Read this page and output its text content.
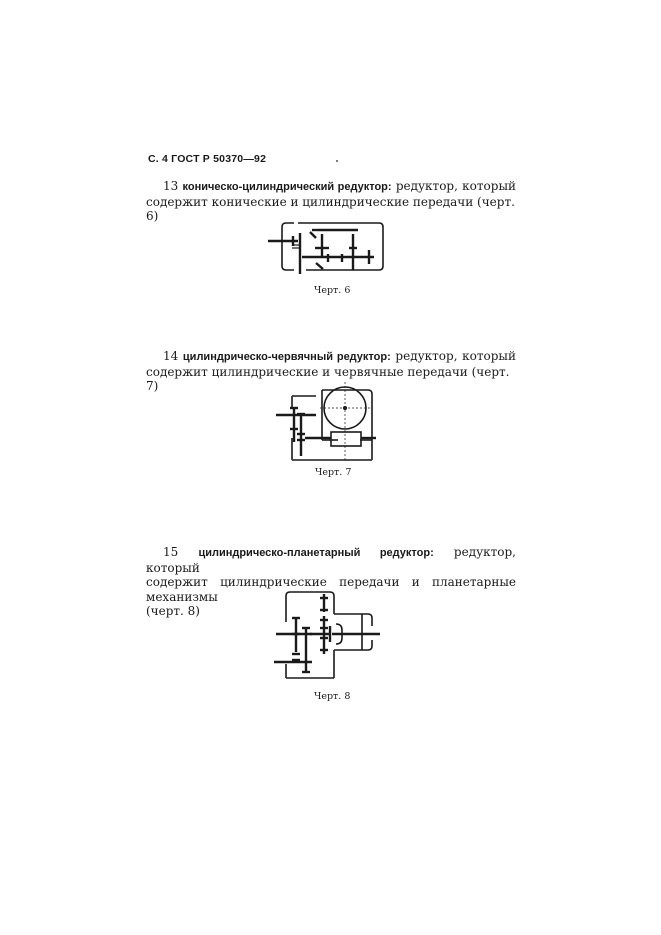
С. 4 ГОСТ Р 50370—92
13 коническо-цилиндрический редуктор: редуктор, который
содержит конические и цилиндрические передачи (черт. 6)
Черт. 6
14 цилиндрическо-червячный редуктор: редуктор, который
содержит цилиндрические и червячные передачи (черт. 7)
Черт. 7
15 цилиндрическо-планетарный редуктор: редуктор, который
содержит цилиндрические передачи и планетарные механизмы
(черт. 8)
Черт. 8
